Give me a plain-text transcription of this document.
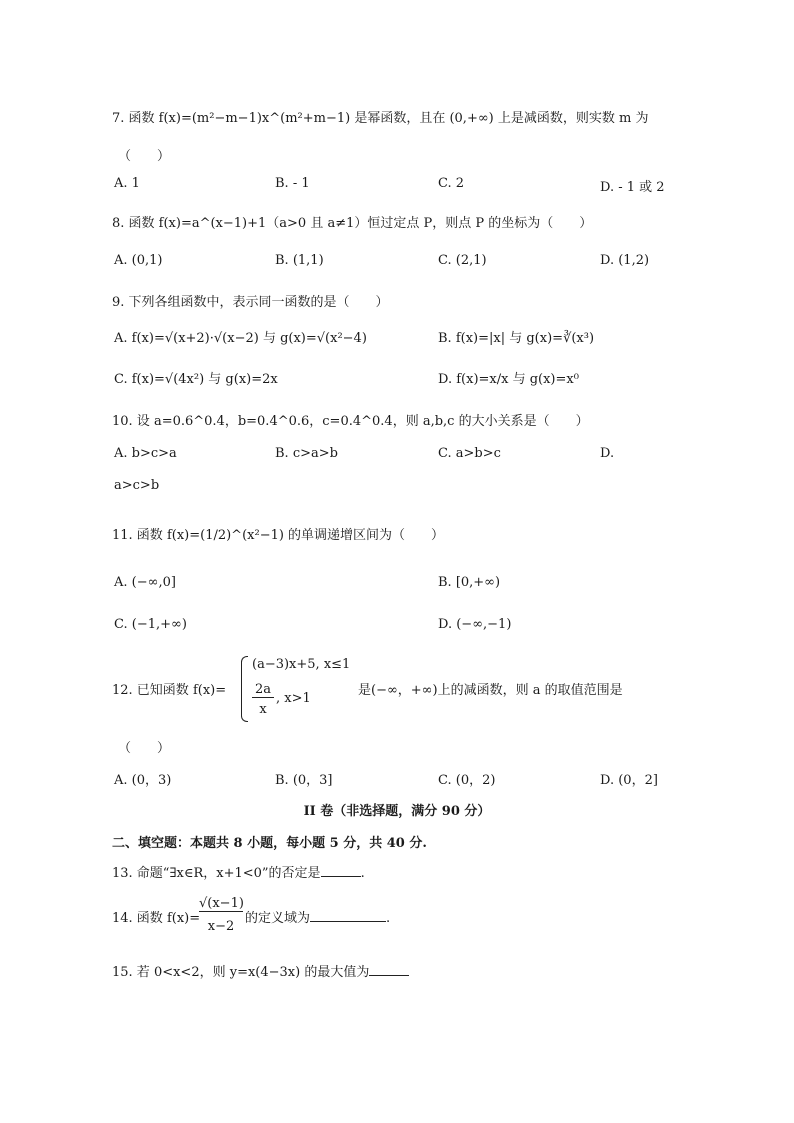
7. 函数 f(x)=(m²−m−1)x^(m²+m−1) 是幂函数，且在 (0,+∞) 上是减函数，则实数 m 为
（　　）
A. 1	B. - 1	C. 2	D. - 1 或 2
8. 函数 f(x)=a^(x−1)+1（a>0 且 a≠1）恒过定点 P，则点 P 的坐标为（　　）
A. (0,1)	B. (1,1)	C. (2,1)	D. (1,2)
9. 下列各组函数中，表示同一函数的是（　　）
A. f(x)=√(x+2)·√(x−2) 与 g(x)=√(x²−4)	B. f(x)=|x| 与 g(x)=∛(x³)
C. f(x)=√(4x²) 与 g(x)=2x	D. f(x)=x/x 与 g(x)=x⁰
10. 设 a=0.6^0.4，b=0.4^0.6，c=0.4^0.4，则 a,b,c 的大小关系是（　　）
A. b>c>a	B. c>a>b	C. a>b>c	D.
a>c>b
11. 函数 f(x)=(1/2)^(x²−1) 的单调递增区间为（　　）
A. (−∞,0]	B. [0,+∞)
C. (−1,+∞)	D. (−∞,−1)
12. 已知函数 f(x)=
(a−3)x+5, x≤1
2a
x
, x>1
是(−∞，+∞)上的减函数，则 a 的取值范围是
（　　）
A. (0，3)	B. (0，3]	C. (0，2)	D. (0，2]
II 卷（非选择题，满分 90 分）
二、填空题：本题共 8 小题，每小题 5 分，共 40 分.
13. 命题“∃x∈R，x+1<0”的否定是	.
14. 函数 f(x)=
√(x−1)
x−2
的定义域为	.
15. 若 0<x<2，则 y=x(4−3x) 的最大值为
